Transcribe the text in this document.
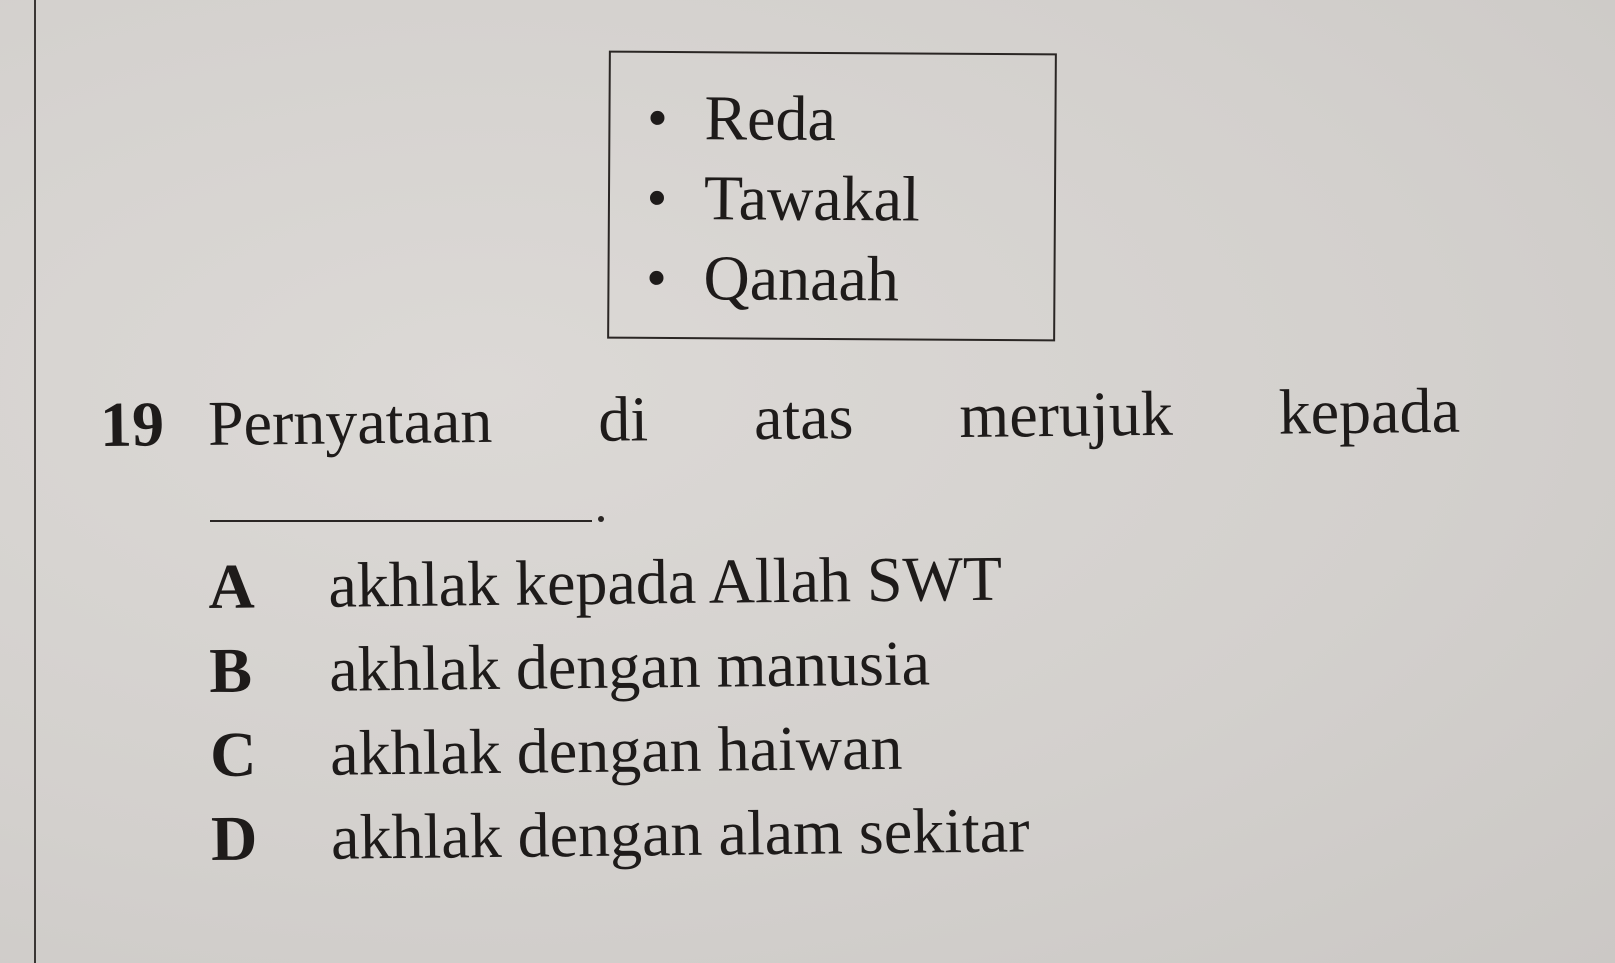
Reda
Tawakal
Qanaah
19 Pernyataan di atas merujuk kepada
A	akhlak kepada Allah SWT
B	akhlak dengan manusia
C	akhlak dengan haiwan
D	akhlak dengan alam sekitar
